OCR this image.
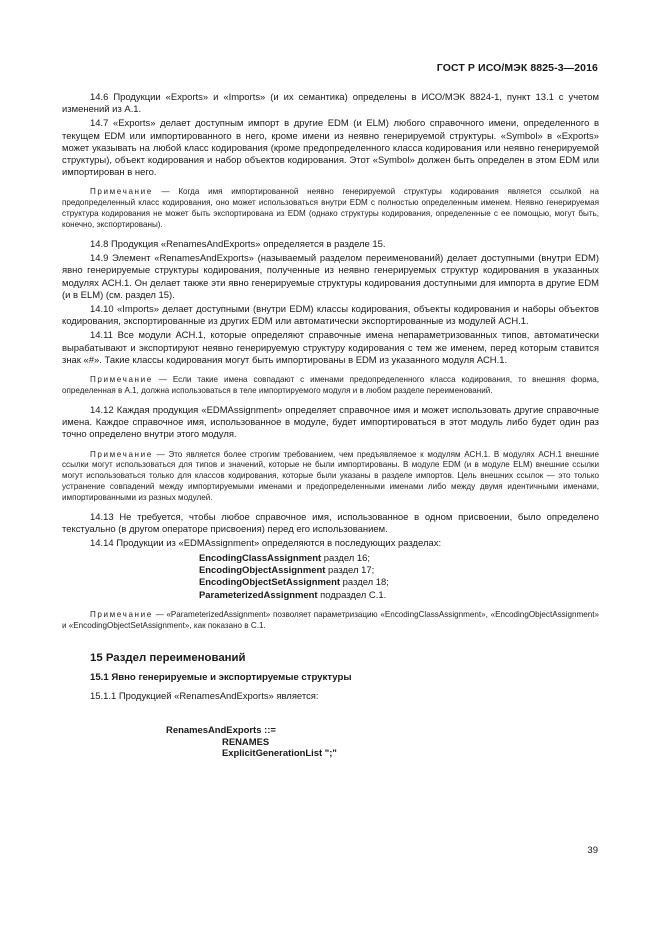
ГОСТ Р ИСО/МЭК 8825-3—2016

14.6 Продукции «Exports» и «Imports» (и их семантика) определены в ИСО/МЭК 8824-1, пункт 13.1 с учетом изменений из А.1.

14.7 «Exports» делает доступным импорт в другие EDM (и ELM) любого справочного имени, определенного в текущем EDM или импортированного в него, кроме имени из неявно генерируемой структуры. «Symbol» в «Exports» может указывать на любой класс кодирования (кроме предопределенного класса кодирования или неявно генерируемой структуры), объект кодирования и набор объектов кодирования. Этот «Symbol» должен быть определен в этом EDM или импортирован в него.

Примечание — Когда имя импортированной неявно генерируемой структуры кодирования является ссылкой на предопределенный класс кодирования, оно может использоваться внутри EDM с полностью определенным именем. Неявно генерируемая структура кодирования не может быть экспортирована из EDM (однако структуры кодирования, определенные с ее помощью, могут быть, конечно, экспортированы).

14.8 Продукция «RenamesAndExports» определяется в разделе 15.

14.9 Элемент «RenamesAndExports» (называемый разделом переименований) делает доступными (внутри EDM) явно генерируемые структуры кодирования, полученные из неявно генерируемых структур кодирования в указанных модулях АСН.1. Он делает также эти явно генерируемые структуры кодирования доступными для импорта в другие EDM (и в ELM) (см. раздел 15).

14.10 «Imports» делает доступными (внутри EDM) классы кодирования, объекты кодирования и наборы объектов кодирования, экспортированные из других EDM или автоматически экспортированные из модулей АСН.1.

14.11 Все модули АСН.1, которые определяют справочные имена непараметризованных типов, автоматически вырабатывают и экспортируют неявно генерируемую структуру кодирования с тем же именем, перед которым ставится знак «#». Такие классы кодирования могут быть импортированы в EDM из указанного модуля АСН.1.

Примечание — Если такие имена совпадают с именами предопределенного класса кодирования, то внешняя форма, определенная в А.1, должна использоваться в теле импортируемого модуля и в любом разделе переименований.

14.12 Каждая продукция «EDMAssignment» определяет справочное имя и может использовать другие справочные имена. Каждое справочное имя, использованное в модуле, будет импортироваться в этот модуль либо будет один раз точно определено внутри этого модуля.

Примечание — Это является более строгим требованием, чем предъявляемое к модулям АСН.1. В модулях АСН.1 внешние ссылки могут использоваться для типов и значений, которые не были импортированы. В модуле EDM (и в модуле ELM) внешние ссылки могут использоваться только для классов кодирования, которые были указаны в разделе импортов. Цель внешних ссылок — это только устранение совпадений между импортируемыми именами и предопределенными именами либо между двумя идентичными именами, импортированными из разных модулей.

14.13 Не требуется, чтобы любое справочное имя, использованное в одном присвоении, было определено текстуально (в другом операторе присвоения) перед его использованием.

14.14 Продукции из «EDMAssignment» определяются в последующих разделах:

EncodingClassAssignment раздел 16;
EncodingObjectAssignment раздел 17;
EncodingObjectSetAssignment раздел 18;
ParameterizedAssignment подраздел С.1.

Примечание — «ParameterizedAssignment» позволяет параметризацию «EncodingClassAssignment», «EncodingObjectAssignment» и «EncodingObjectSetAssignment», как показано в С.1.

15 Раздел переименований
15.1 Явно генерируемые и экспортируемые структуры

15.1.1 Продукцией «RenamesAndExports» является:

RenamesAndExports ::=
RENAMES
ExplicitGenerationList ";"
39
